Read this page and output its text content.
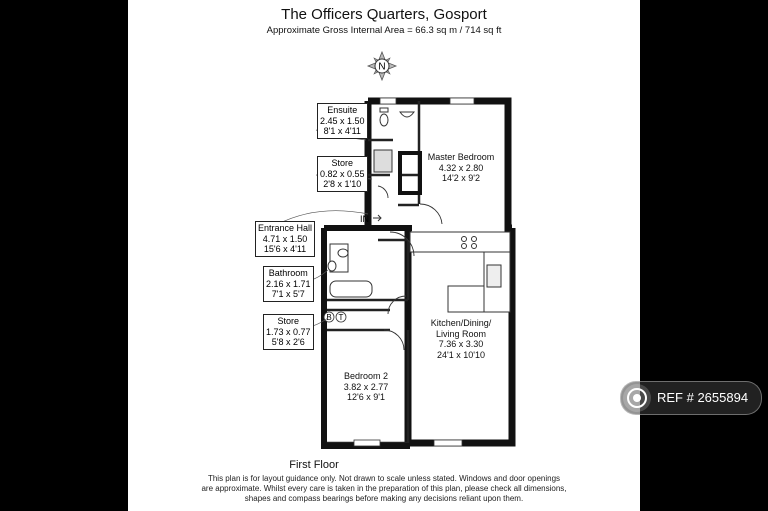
The Officers Quarters, Gosport
Approximate Gross Internal Area = 66.3 sq m / 714 sq ft
N
B T
IN
Ensuite
2.45 x 1.50
8'1 x 4'11
Store
0.82 x 0.55
2'8 x 1'10
Entrance Hall
4.71 x 1.50
15'6 x 4'11
Bathroom
2.16 x 1.71
7'1 x 5'7
Store
1.73 x 0.77
5'8 x 2'6
Master Bedroom
4.32 x 2.80
14'2 x 9'2
Kitchen/Dining/
Living Room
7.36 x 3.30
24'1 x 10'10
Bedroom 2
3.82 x 2.77
12'6 x 9'1
First Floor
This plan is for layout guidance only. Not drawn to scale unless stated. Windows and door openings
are approximate. Whilst every care is taken in the preparation of this plan, please check all dimensions,
shapes and compass bearings before making any decisions reliant upon them.
REF # 2655894
